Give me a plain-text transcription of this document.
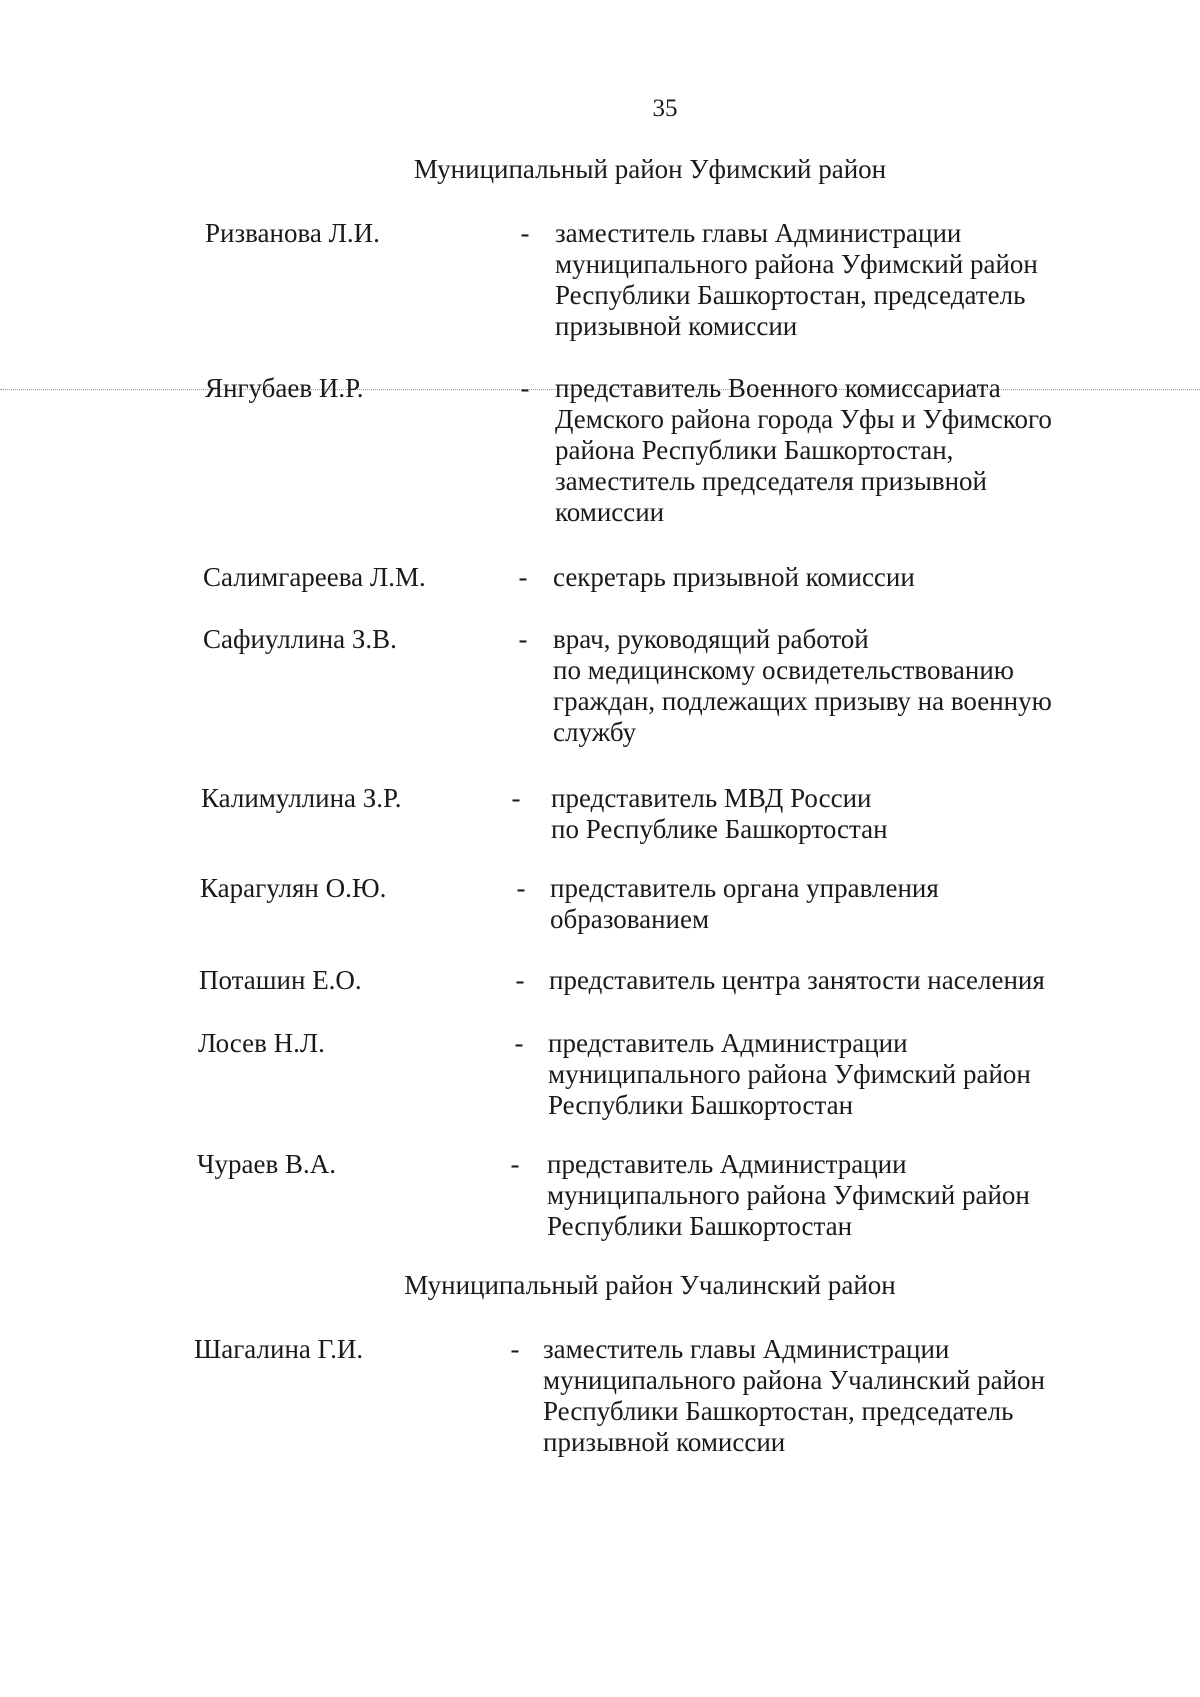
35
Муниципальный район Уфимский район
Ризванова Л.И.	- заместитель главы Администрации
муниципального района Уфимский район
Республики Башкортостан, председатель
призывной комиссии
Янгубаев И.Р.	- представитель Военного комиссариата
Демского района города Уфы и Уфимского
района Республики Башкортостан,
заместитель председателя призывной
комиссии
Салимгареева Л.М.	- секретарь призывной комиссии
Сафиуллина З.В.	- врач, руководящий работой
по медицинскому освидетельствованию
граждан, подлежащих призыву на военную
службу
Калимуллина З.Р.	- представитель МВД России
по Республике Башкортостан
Карагулян О.Ю.	- представитель органа управления
образованием
Поташин Е.О.	- представитель центра занятости населения
Лосев Н.Л.	- представитель Администрации
муниципального района Уфимский район
Республики Башкортостан
Чураев В.А.	- представитель Администрации
муниципального района Уфимский район
Республики Башкортостан
Муниципальный район Учалинский район
Шагалина Г.И.	- заместитель главы Администрации
муниципального района Учалинский район
Республики Башкортостан, председатель
призывной комиссии
